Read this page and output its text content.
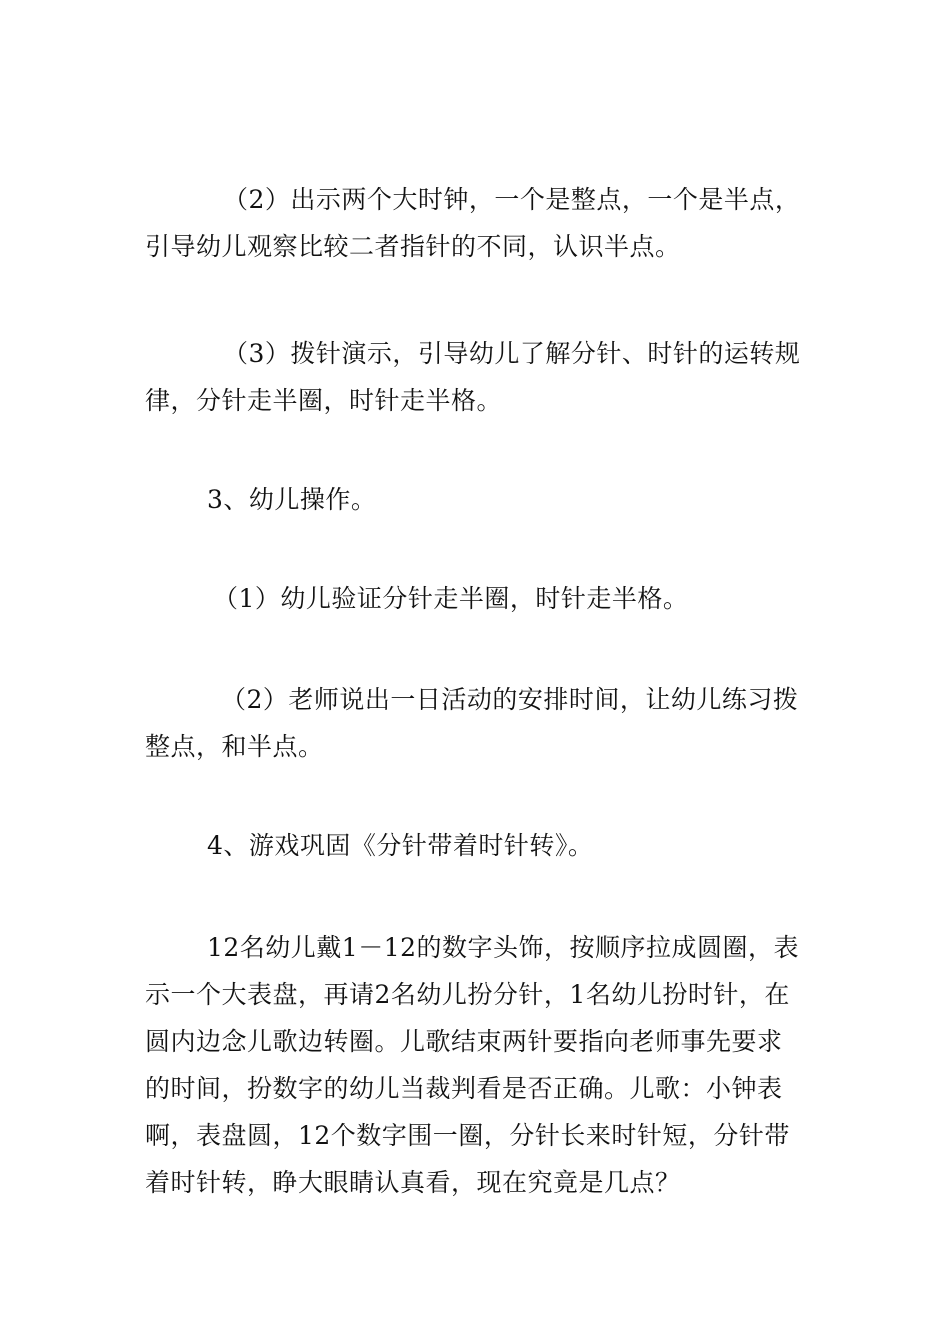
（2）出示两个大时钟，一个是整点，一个是半点，
引导幼儿观察比较二者指针的不同，认识半点。

（3）拨针演示，引导幼儿了解分针、时针的运转规
律，分针走半圈，时针走半格。

3、幼儿操作。

（1）幼儿验证分针走半圈，时针走半格。

（2）老师说出一日活动的安排时间，让幼儿练习拨
整点，和半点。

4、游戏巩固《分针带着时针转》。

12名幼儿戴1－12的数字头饰，按顺序拉成圆圈，表
示一个大表盘，再请2名幼儿扮分针，1名幼儿扮时针，在
圆内边念儿歌边转圈。儿歌结束两针要指向老师事先要求
的时间，扮数字的幼儿当裁判看是否正确。儿歌：小钟表
啊，表盘圆，12个数字围一圈，分针长来时针短，分针带
着时针转，睁大眼睛认真看，现在究竟是几点？
